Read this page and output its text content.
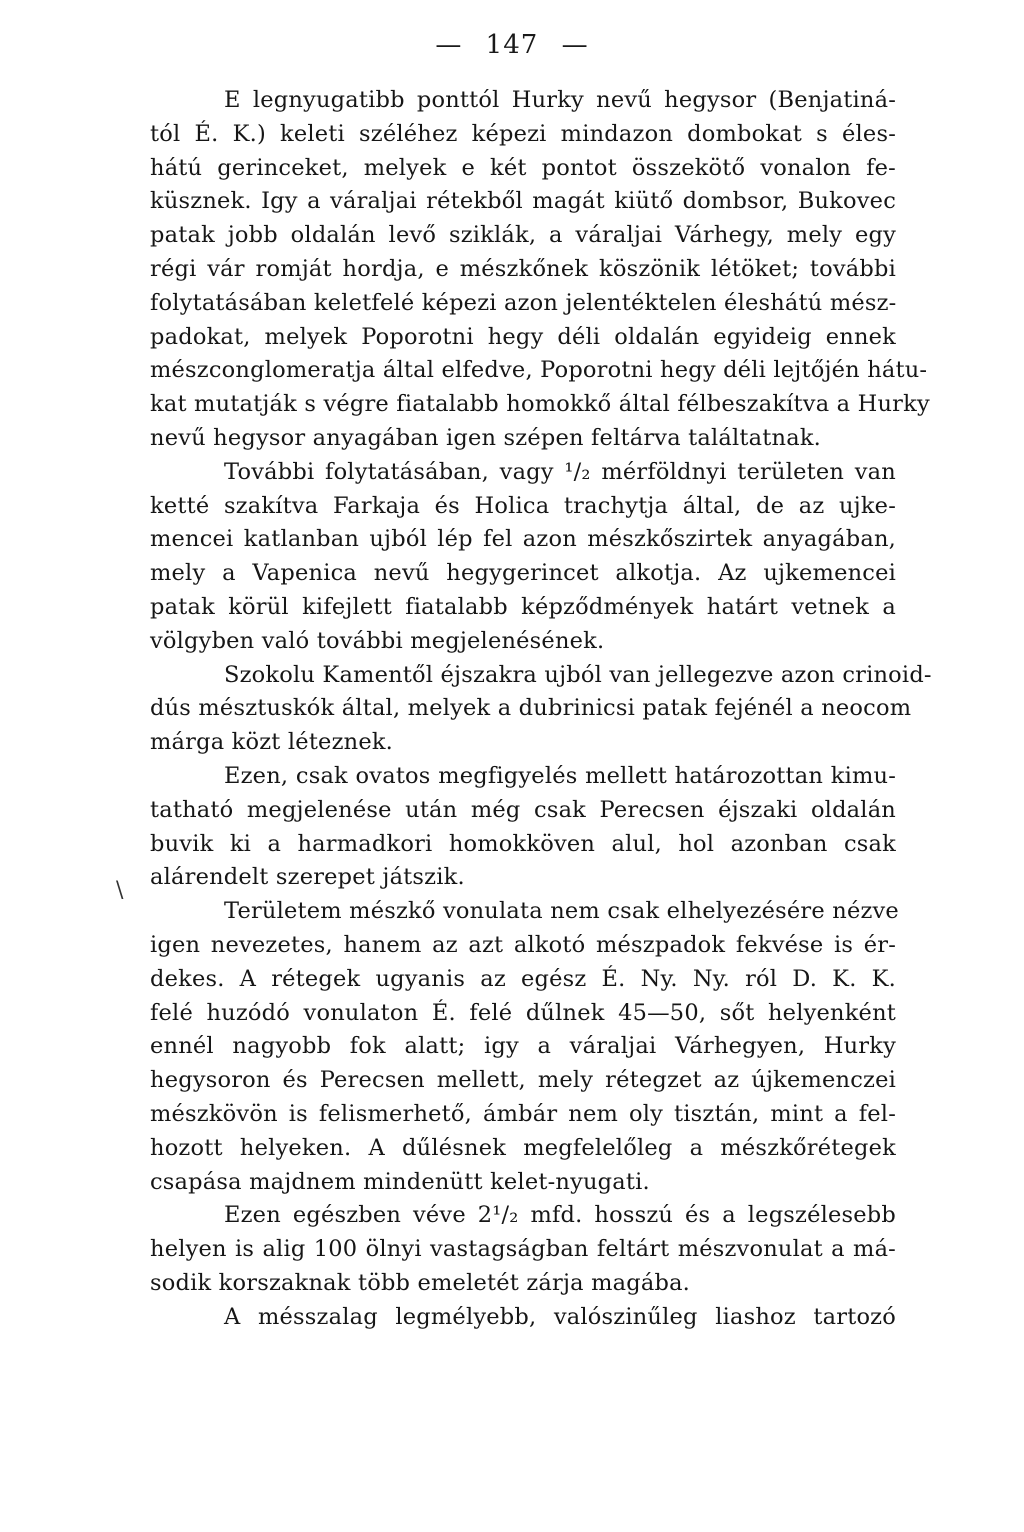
— 147 —
\
E legnyugatibb ponttól Hurky nevű hegysor (Benjatiná-
tól É. K.) keleti széléhez képezi mindazon dombokat s éles-
hátú gerinceket, melyek e két pontot összekötő vonalon fe-
küsznek. Igy a váraljai rétekből magát kiütő dombsor, Bukovec
patak jobb oldalán levő sziklák, a váraljai Várhegy, mely egy
régi vár romját hordja, e mészkőnek köszönik létöket; további
folytatásában keletfelé képezi azon jelentéktelen éleshátú mész-
padokat, melyek Poporotni hegy déli oldalán egyideig ennek
mészconglomeratja által elfedve, Poporotni hegy déli lejtőjén hátu-
kat mutatják s végre fiatalabb homokkő által félbeszakítva a Hurky
nevű hegysor anyagában igen szépen feltárva találtatnak.
További folytatásában, vagy ¹/₂ mérföldnyi területen van
ketté szakítva Farkaja és Holica trachytja által, de az ujke-
mencei katlanban ujból lép fel azon mészkőszirtek anyagában,
mely a Vapenica nevű hegygerincet alkotja. Az ujkemencei
patak körül kifejlett fiatalabb képződmények határt vetnek a
völgyben való további megjelenésének.
Szokolu Kamentől éjszakra ujból van jellegezve azon crinoid-
dús mésztuskók által, melyek a dubrinicsi patak fejénél a neocom
márga közt léteznek.
Ezen, csak ovatos megfigyelés mellett határozottan kimu-
tatható megjelenése után még csak Perecsen éjszaki oldalán
buvik ki a harmadkori homokköven alul, hol azonban csak
alárendelt szerepet játszik.
Területem mészkő vonulata nem csak elhelyezésére nézve
igen nevezetes, hanem az azt alkotó mészpadok fekvése is ér-
dekes. A rétegek ugyanis az egész É. Ny. Ny. ról D. K. K.
felé huzódó vonulaton É. felé dűlnek 45—50, sőt helyenként
ennél nagyobb fok alatt; igy a váraljai Várhegyen, Hurky
hegysoron és Perecsen mellett, mely rétegzet az újkemenczei
mészkövön is felismerhető, ámbár nem oly tisztán, mint a fel-
hozott helyeken. A dűlésnek megfelelőleg a mészkőrétegek
csapása majdnem mindenütt kelet-nyugati.
Ezen egészben véve 2¹/₂ mfd. hosszú és a legszélesebb
helyen is alig 100 ölnyi vastagságban feltárt mészvonulat a má-
sodik korszaknak több emeletét zárja magába.
A mésszalag legmélyebb, valószinűleg liashoz tartozó
